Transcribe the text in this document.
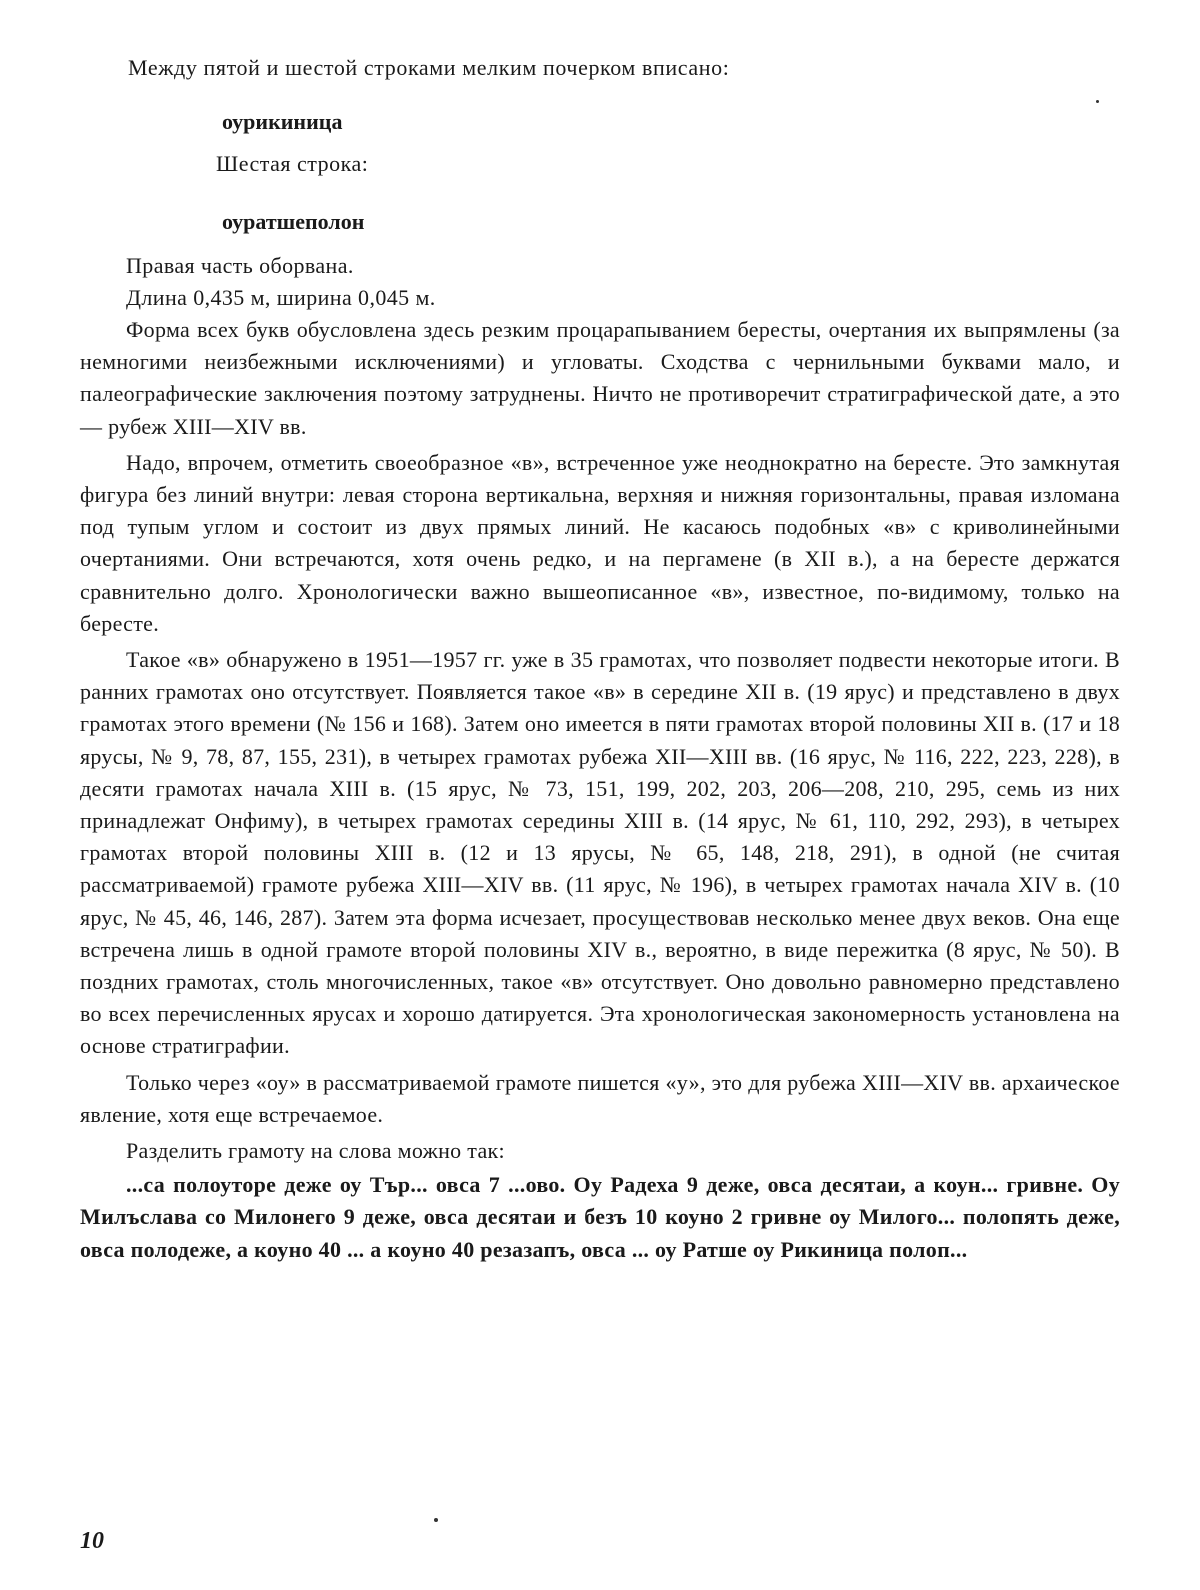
Между пятой и шестой строками мелким почерком вписано:
оурикиница
Шестая строка:
оуратшеполон
Правая часть оборвана.
Длина 0,435 м, ширина 0,045 м.

Форма всех букв обусловлена здесь резким процарапыванием бересты, очертания их выпрямлены (за немногими неизбежными исключениями) и угловаты. Сходства с чернильными буквами мало, и палеографические заключения поэтому затруднены. Ничто не противоречит стратиграфической дате, а это — рубеж XIII—XIV вв.

Надо, впрочем, отметить своеобразное «в», встреченное уже неоднократно на бересте. Это замкнутая фигура без линий внутри: левая сторона вертикальна, верхняя и нижняя горизонтальны, правая изломана под тупым углом и состоит из двух прямых линий. Не касаюсь подобных «в» с криволинейными очертаниями. Они встречаются, хотя очень редко, и на пергамене (в XII в.), а на бересте держатся сравнительно долго. Хронологически важно вышеописанное «в», известное, по-видимому, только на бересте.

Такое «в» обнаружено в 1951—1957 гг. уже в 35 грамотах, что позволяет подвести некоторые итоги. В ранних грамотах оно отсутствует. Появляется такое «в» в середине XII в. (19 ярус) и представлено в двух грамотах этого времени (№ 156 и 168). Затем оно имеется в пяти грамотах второй половины XII в. (17 и 18 ярусы, № 9, 78, 87, 155, 231), в четырех грамотах рубежа XII—XIII вв. (16 ярус, № 116, 222, 223, 228), в десяти грамотах начала XIII в. (15 ярус, № 73, 151, 199, 202, 203, 206—208, 210, 295, семь из них принадлежат Онфиму), в четырех грамотах середины XIII в. (14 ярус, № 61, 110, 292, 293), в четырех грамотах второй половины XIII в. (12 и 13 ярусы, № 65, 148, 218, 291), в одной (не считая рассматриваемой) грамоте рубежа XIII—XIV вв. (11 ярус, № 196), в четырех грамотах начала XIV в. (10 ярус, № 45, 46, 146, 287). Затем эта форма исчезает, просуществовав несколько менее двух веков. Она еще встречена лишь в одной грамоте второй половины XIV в., вероятно, в виде пережитка (8 ярус, № 50). В поздних грамотах, столь многочисленных, такое «в» отсутствует. Оно довольно равномерно представлено во всех перечисленных ярусах и хорошо датируется. Эта хронологическая закономерность установлена на основе стратиграфии.

Только через «оу» в рассматриваемой грамоте пишется «у», это для рубежа XIII—XIV вв. архаическое явление, хотя еще встречаемое.

Разделить грамоту на слова можно так:

...са полоуторе деже оу Тър... овса 7 ...ово. Оу Радеха 9 деже, овса десятаи, а коун... гривне. Оу Милъслава со Милонего 9 деже, овса десятаи и безъ 10 коуно 2 гривне оу Милого... полопять деже, овса полодеже, а коуно 40 ... а коуно 40 резазапъ, овса ... оу Ратше оу Рикиница полоп...

10
